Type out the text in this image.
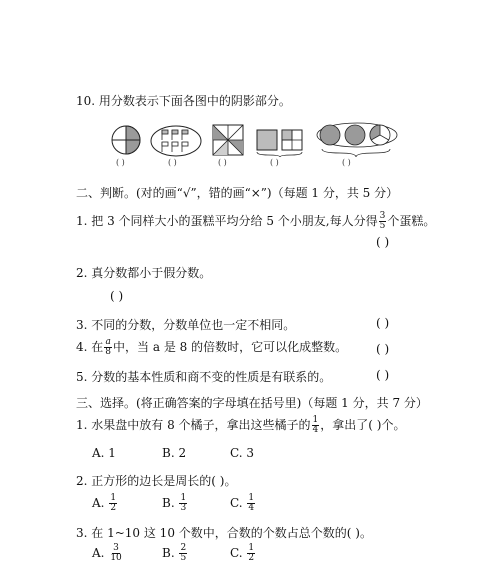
10. 用分数表示下面各图中的阴影部分。
( )	( )	( )	( )	( )
二、判断。(对的画“√”，错的画“×”)（每题 1 分，共 5 分）
1. 把 3 个同样大小的蛋糕平均分给 5 个小朋友,每人分得 $\frac{3}{5}$ 个蛋糕。
( )
2. 真分数都小于假分数。
( )
3. 不同的分数，分数单位也一定不相同。	( )
4. 在 $\frac{a}{8}$ 中，当 a 是 8 的倍数时，它可以化成整数。 ( )
5. 分数的基本性质和商不变的性质是有联系的。	( )
三、选择。(将正确答案的字母填在括号里)（每题 1 分，共 7 分）
1. 水果盘中放有 8 个橘子，拿出这些橘子的 $\frac{1}{4}$ ，拿出了( )个。
A. 1	B. 2	C. 3
2. 正方形的边长是周长的( )。
A. $\frac{1}{2}$	B. $\frac{1}{3}$	C. $\frac{1}{4}$
3. 在 1~10 这 10 个数中，合数的个数占总个数的( )。
A. $\frac{3}{10}$	B. $\frac{2}{5}$	C. $\frac{1}{2}$
